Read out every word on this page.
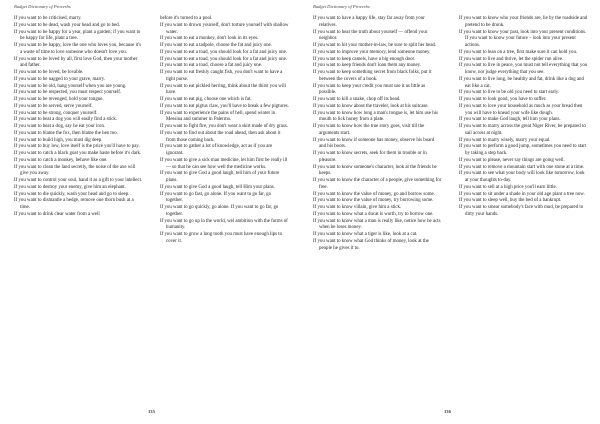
Budget Dictionary of Proverbs

If you want to be criticised, marry.

If you want to be dead, wash your head and go to bed.

If you want to be happy for a year, plant a garden; if you want to be happy for life, plant a tree.

If you want to be happy, love the one who loves you, because it's a waste of time to love someone who doesn't love you.

If you want to be loved by all, first love God, then your mother and father.

If you want to be loved, be lovable.

If you want to be nagged to your grave, marry.

If you want to be old, hang yourself when you are young.

If you want to be respected, you must respect yourself.

If you want to be revenged, hold your tongue.

If you want to be served, serve yourself.

If you want to be strong, conquer yourself.

If you want to beat a dog you will easily find a stick.

If you want to beat a dog, say he eat your iron.

If you want to blame the fox, then blame the hen too.

If you want to build high, you must dig deep.

If you want to buy low, love itself is the price you'll have to pay.

If you want to catch a black goat you make haste before it's dark.

If you want to catch a monkey, behave like one.

If you want to clean the land secretly, the noise of the axe will give you away.

If you want to control your soul, hand it as a gift to your intellect.

If you want to destroy your enemy, give him an elephant.

If you want to die quickly, wash your head and go to sleep.

If you want to dismantle a hedge, remove one thorn bush at a time.

If you want to drink clear water from a well

before it's turned to a pool.

If you want to drown yourself, don't torture yourself with shallow water.

If you want to eat a monkey, don't look in its eyes.

If you want to eat a tadpole, choose the fat and juicy one.

If you want to eat a toad, you should look for a fat and juicy one.

If you want to eat a toad, you should look for a fat and juicy one.

If you want to eat a toad, choose a fat and juicy one.

If you want to eat freshly caught fish, you don't want to have a tight purse.

If you want to eat pickled herring, think about the thirst you will have.

If you want to eat pig, choose one which is fat.

If you want to eat pigtus claw, you'll have to break a few pigtures.

If you want to experience the pains of hell, spend winter in Messina and summer in Palermo.

If you want to fight fire, you don't wear a skirt made of dry grass.

If you want to find out about the road ahead, then ask about it from those coming back.

If you want to gather a lot of knowledge, act as if you are ignorant.

If you want to give a sick man medicine, let him first be really ill — so that he can see how well the medicine works.

If you want to give God a good laugh, tell him of your future plans.

If you want to give God a good laugh, tell Him your plans.

If you want to go fast, go alone. If you want to go far, go together.

If you want to go quickly, go alone. If you want to go far, go together.

If you want to go up in the world, wel ambition with the forms of humanity.

If you want to grow a long tooth you must have enough lips to cover it.

135
Budget Dictionary of Proverbs

If you want to have a happy life, stay far away from your relatives.

If you want to hear the truth about yourself — offend your neighbor.

If you want to hit your mother-in-law, be sure to split her head.

If you want to improve your memory, lend someone money.

If you want to keep camels, have a big enough door.

If you want to keep friends don't loan them any money.

If you want to keep something secret from black folks, put it between the covers of a book.

If you want to keep your credit you must use it as little as possible.

If you want to kill a snake, chop off its head.

If you want to know about the traveler, look at his suitcase.

If you want to know how long a man's tongue is, let him use his mouth to lick honey from a plate.

If you want to know how the true story goes, visit till the arguments start.

If you want to know if someone has money, observe his board and his boots.

If you want to know secrets, seek for them in trouble or in pleasure.

If you want to know someone's character, look at the friends he keeps.

If you want to know the character of a people, give something for free.

If you want to know the value of money, go and borrow some.

If you want to know the value of money, try borrowing some.

If you want to know villain, give him a stick.

If you want to know what a ducat is worth, try to borrow one.

If you want to know what a man is really like, notice how he acts when he loses money.

If you want to know what a tiger is like, look at a cat.

If you want to know what God thinks of money, look at the people he gives it to.

If you want to know who your friends are, lie by the roadside and pretend to be drunk.

If you want to know your past, look into your present conditions. If you want to know your future – look into your present actions.

If you want to lean on a tree, first make sure it can hold you.

If you want to live and thrive, let the spider run alive.

If you want to live in peace, you must not tell everything that you know, nor judge everything that you see.

If you want to live long, be healthy and fat, drink like a dog and eat like a cat.

If you want to live to be old you need to start early.

If you want to look good, you have to suffer.

If you want to love your household as much as your bread then you will have to knead your wife like dough.

If you want to make God laugh, tell him your plans.

If you want to marry across the great Niger River, be prepared to sail across at night.

If you want to marry wisely, marry your equal.

If you want to perform a good jump, sometimes you need to start by taking a step back.

If you want to please, never say things are going well.

If you want to remove a mountain start with one stone at a time.

If you want to see what your body will look like tomorrow, look at your thoughts to-day.

If you want to sell at a high price you'll earn little.

If you want to sit under a shade in your old age plant a tree now.

If you want to sleep well, buy the bed of a bankrupt.

If you want to smear somebody's face with mud, be prepared to dirty your hands.

136
